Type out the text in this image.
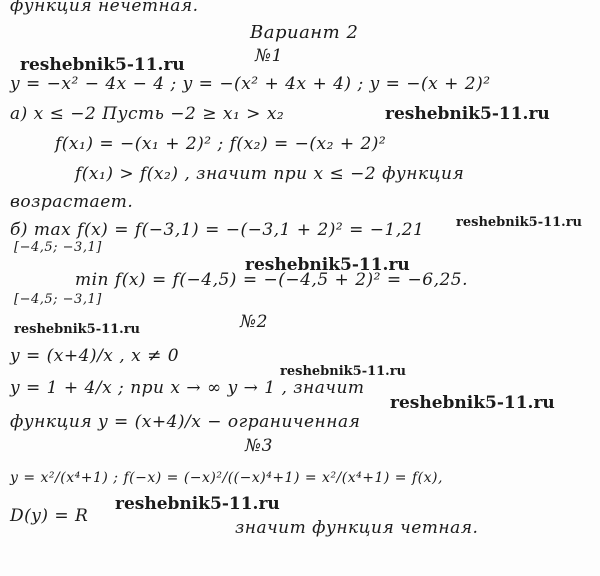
функция нечетная.
Вариант 2
№1
y = −x² − 4x − 4 ; y = −(x² + 4x + 4) ; y = −(x + 2)²
a) x ≤ −2 Пусть −2 ≥ x₁ > x₂
f(x₁) = −(x₁ + 2)² ; f(x₂) = −(x₂ + 2)²
f(x₁) > f(x₂) , значит при x ≤ −2 функция
возрастает.
б) max f(x) = f(−3,1) = −(−3,1 + 2)² = −1,21
[−4,5; −3,1]
min f(x) = f(−4,5) = −(−4,5 + 2)² = −6,25.
[−4,5; −3,1]
№2
y = (x+4)/x , x ≠ 0
y = 1 + 4/x ; при x → ∞ y → 1 , значит
функция y = (x+4)/x − ограниченная
№3
y = x²/(x⁴+1) ; f(−x) = (−x)²/((−x)⁴+1) = x²/(x⁴+1) = f(x),
D(y) = R
значит функция четная.
reshebnik5-11.ru
reshebnik5-11.ru
reshebnik5-11.ru
reshebnik5-11.ru
reshebnik5-11.ru
reshebnik5-11.ru
reshebnik5-11.ru
reshebnik5-11.ru
